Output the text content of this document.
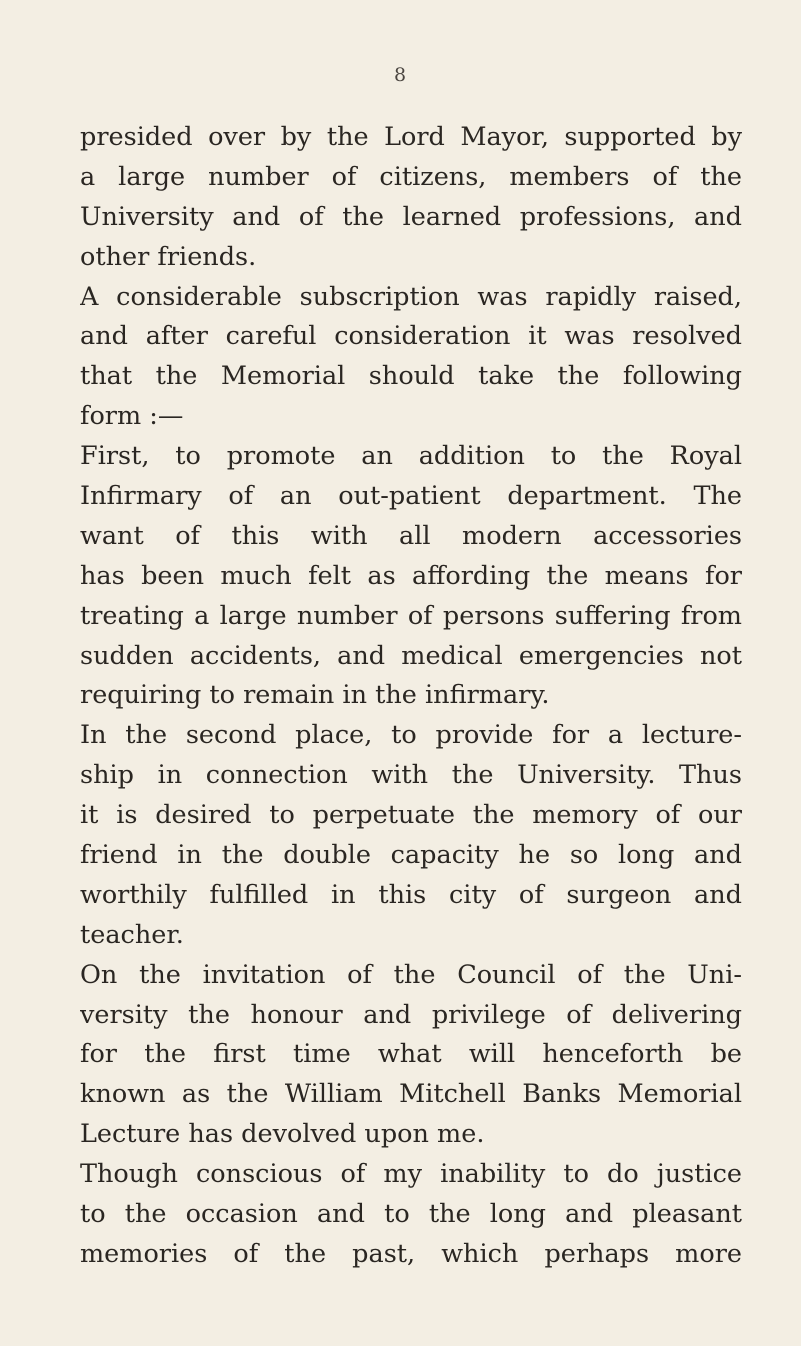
8
presided over by the Lord Mayor, supported by
a large number of citizens, members of the
University and of the learned professions, and
other friends.
A considerable subscription was rapidly raised,
and after careful consideration it was resolved
that the Memorial should take the following
form :—
First, to promote an addition to the Royal
Infirmary of an out-patient department. The
want of this with all modern accessories
has been much felt as affording the means for
treating a large number of persons suffering from
sudden accidents, and medical emergencies not
requiring to remain in the infirmary.
In the second place, to provide for a lecture-
ship in connection with the University. Thus
it is desired to perpetuate the memory of our
friend in the double capacity he so long and
worthily fulfilled in this city of surgeon and
teacher.
On the invitation of the Council of the Uni-
versity the honour and privilege of delivering
for the first time what will henceforth be
known as the William Mitchell Banks Memorial
Lecture has devolved upon me.
Though conscious of my inability to do justice
to the occasion and to the long and pleasant
memories of the past, which perhaps more
